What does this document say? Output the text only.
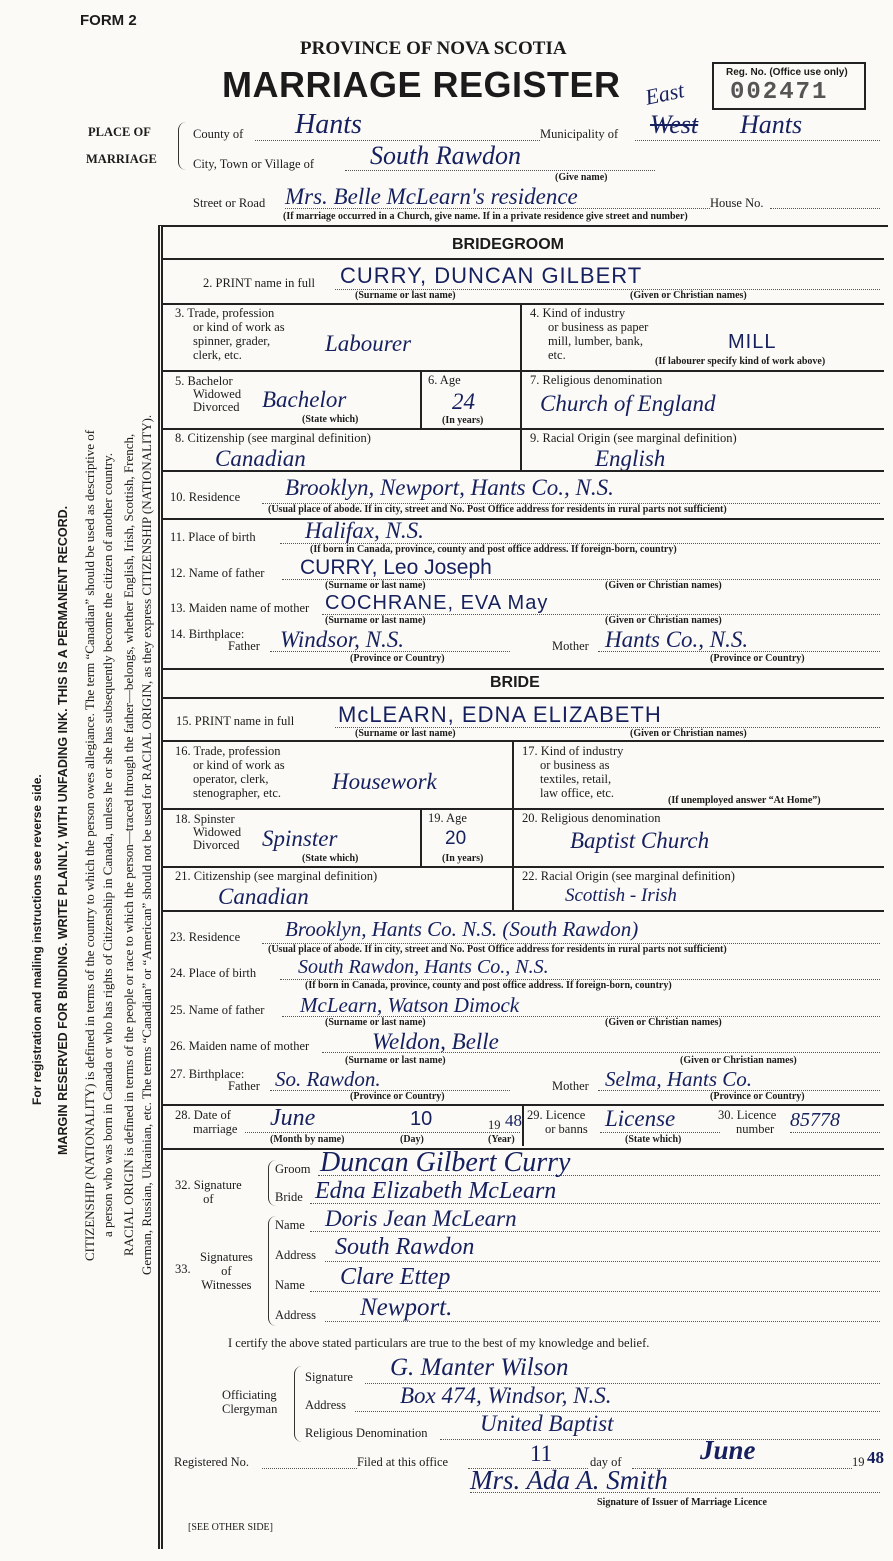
FORM 2
PROVINCE OF NOVA SCOTIA
MARRIAGE REGISTER	Reg. No. (Office use only)
002471
For registration and mailing instructions see reverse side. MARGIN RESERVED FOR BINDING. WRITE PLAINLY, WITH UNFADING INK. THIS IS A PERMANENT RECORD. CITIZENSHIP (NATIONALITY) is defined in terms of the country to which the person owes allegiance. The term “Canadian” should be used as descriptive of a person who was born in Canada or who has rights of Citizenship in Canada, unless he or she has subsequently become the citizen of another country. RACIAL ORIGIN is defined in terms of the people or race to which the person—traced through the father—belongs, whether English, Irish, Scottish, French, German, Russian, Ukrainian, etc. The terms “Canadian” or “American” should not be used for RACIAL ORIGIN, as they express CITIZENSHIP (NATIONALITY).
PLACE OF
MARRIAGE
County of Hants	Municipality of
East
West Hants
City, Town or Village of South Rawdon
(Give name)
Street or Road Mrs. Belle McLearn's residence	House No.
(If marriage occurred in a Church, give name. If in a private residence give street and number)
BRIDEGROOM
2. PRINT name in full CURRY, DUNCAN GILBERT
(Surname or last name)	(Given or Christian names)
3. Trade, profession
or kind of work as
spinner, grader,
clerk, etc.	Labourer
4. Kind of industry
or business as paper
mill, lumber, bank,
etc.
MILL
(If labourer specify kind of work above)
5. Bachelor
Widowed
Divorced Bachelor
(State which)
6. Age
24
(In years)
7. Religious denomination
Church of England
8. Citizenship (see marginal definition)
Canadian
9. Racial Origin (see marginal definition)
English
10. Residence Brooklyn, Newport, Hants Co., N.S.
(Usual place of abode. If in city, street and No. Post Office address for residents in rural parts not sufficient)
11. Place of birth Halifax, N.S.
(If born in Canada, province, county and post office address. If foreign-born, country)
12. Name of father CURRY, Leo Joseph
(Surname or last name)	(Given or Christian names)
13. Maiden name of mother COCHRANE, EVA May
(Surname or last name)	(Given or Christian names)
14. Birthplace:
Father Windsor, N.S.
(Province or Country)
Mother Hants Co., N.S.
(Province or Country)
BRIDE
15. PRINT name in full McLEARN, EDNA ELIZABETH
(Surname or last name)	(Given or Christian names)
16. Trade, profession
or kind of work as
operator, clerk,
stenographer, etc. Housework
17. Kind of industry
or business as
textiles, retail,
law office, etc.
(If unemployed answer “At Home”)
18. Spinster
Widowed
Divorced Spinster
(State which)
19. Age
20
(In years)
20. Religious denomination
Baptist Church
21. Citizenship (see marginal definition)
Canadian
22. Racial Origin (see marginal definition)
Scottish - Irish
23. Residence Brooklyn, Hants Co. N.S. (South Rawdon)
(Usual place of abode. If in city, street and No. Post Office address for residents in rural parts not sufficient)
24. Place of birth South Rawdon, Hants Co., N.S.
(If born in Canada, province, county and post office address. If foreign-born, country)
25. Name of father McLearn, Watson Dimock
(Surname or last name)	(Given or Christian names)
26. Maiden name of mother	Weldon, Belle
(Surname or last name)	(Given or Christian names)
27. Birthplace:
Father So. Rawdon.
(Province or Country)
Mother Selma, Hants Co.
(Province or Country)
28. Date of
marriage June	10	19 48
(Month by name)	(Day)	(Year)
29. Licence
or banns License
(State which)
30. Licence
number 85778
32. Signature
of
Groom Duncan Gilbert Curry
Bride Edna Elizabeth McLearn
33.
Signatures
of
Witnesses
Name Doris Jean McLearn
Address South Rawdon
Name Clare Ettep
Address Newport.
I certify the above stated particulars are true to the best of my knowledge and belief.
Officiating
Clergyman
Signature G. Manter Wilson
Address Box 474, Windsor, N.S.
Religious Denomination United Baptist
Registered No.	Filed at this office	11	day of	June	19 48
Mrs. Ada A. Smith
Signature of Issuer of Marriage Licence
[SEE OTHER SIDE]
